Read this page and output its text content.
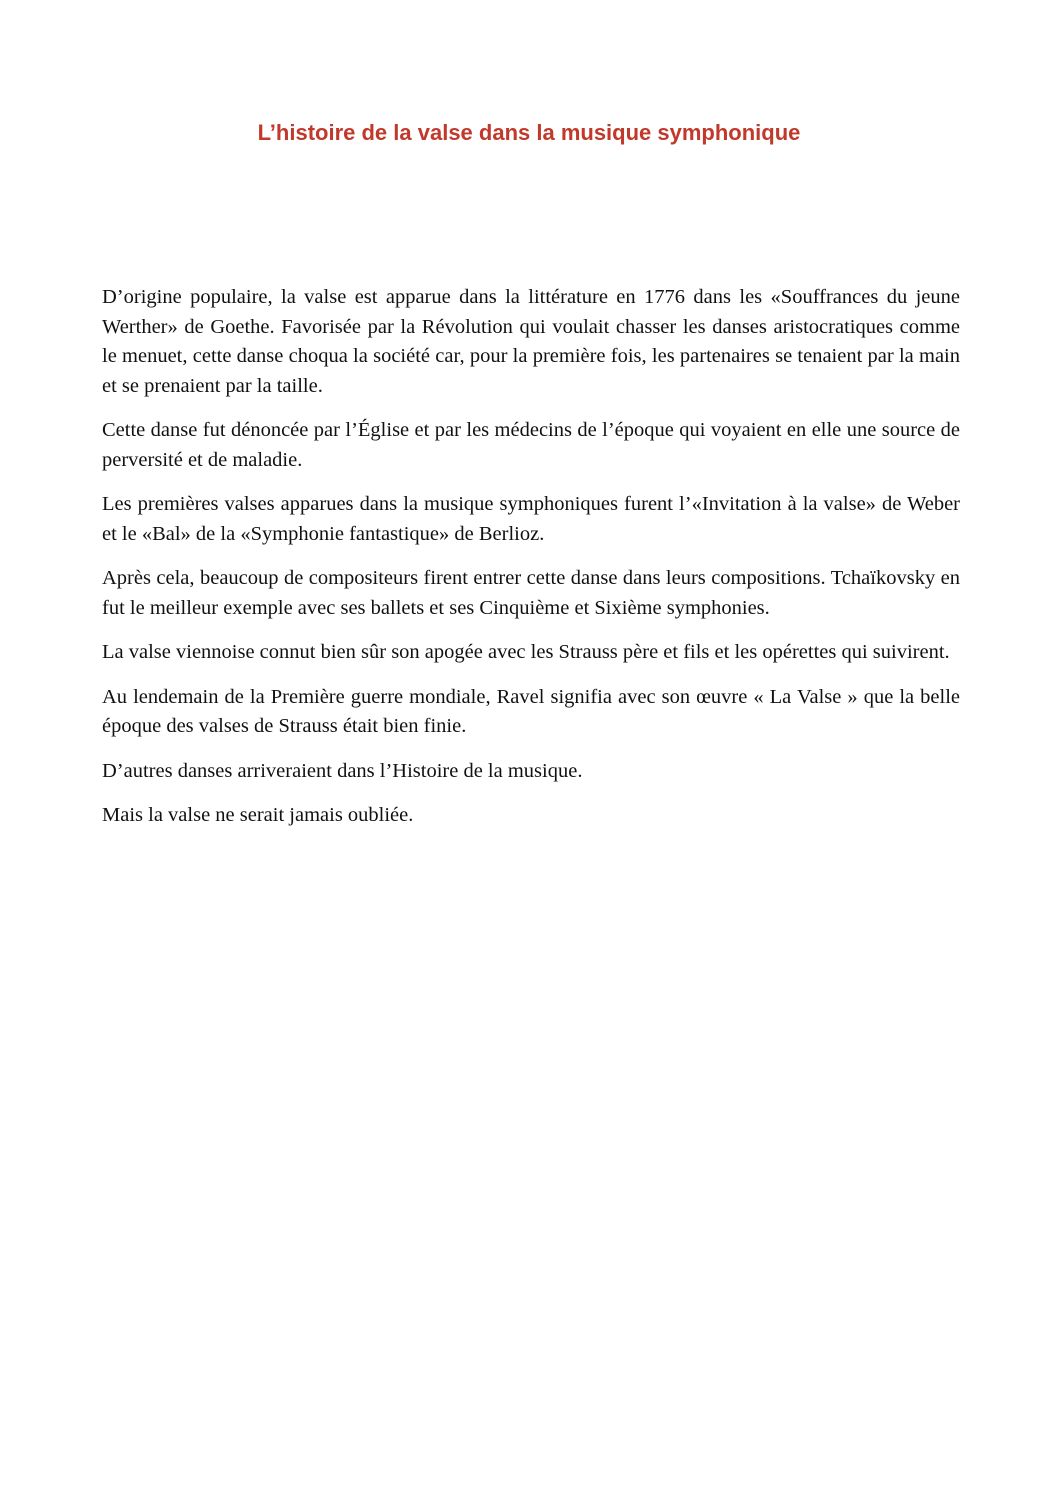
L’histoire de la valse dans la musique symphonique

D’origine populaire, la valse est apparue dans la littérature en 1776 dans les «Souffrances du jeune Werther» de Goethe. Favorisée par la Révolution qui voulait chasser les danses aristocratiques comme le menuet, cette danse choqua la société car, pour la première fois, les partenaires se tenaient par la main et se prenaient par la taille.

Cette danse fut dénoncée par l’Église et par les médecins de l’époque qui voyaient en elle une source de perversité et de maladie.

Les premières valses apparues dans la musique symphoniques furent l’«Invitation à la valse» de Weber et le «Bal» de la «Symphonie fantastique» de Berlioz.

Après cela, beaucoup de compositeurs firent entrer cette danse dans leurs compositions. Tchaïkovsky en fut le meilleur exemple avec ses ballets et ses Cinquième et Sixième symphonies.

La valse viennoise connut bien sûr son apogée avec les Strauss père et fils et les opérettes qui suivirent.

Au lendemain de la Première guerre mondiale, Ravel signifia avec son œuvre « La Valse » que la belle époque des valses de Strauss était bien finie.

D’autres danses arriveraient dans l’Histoire de la musique.

Mais la valse ne serait jamais oubliée.
